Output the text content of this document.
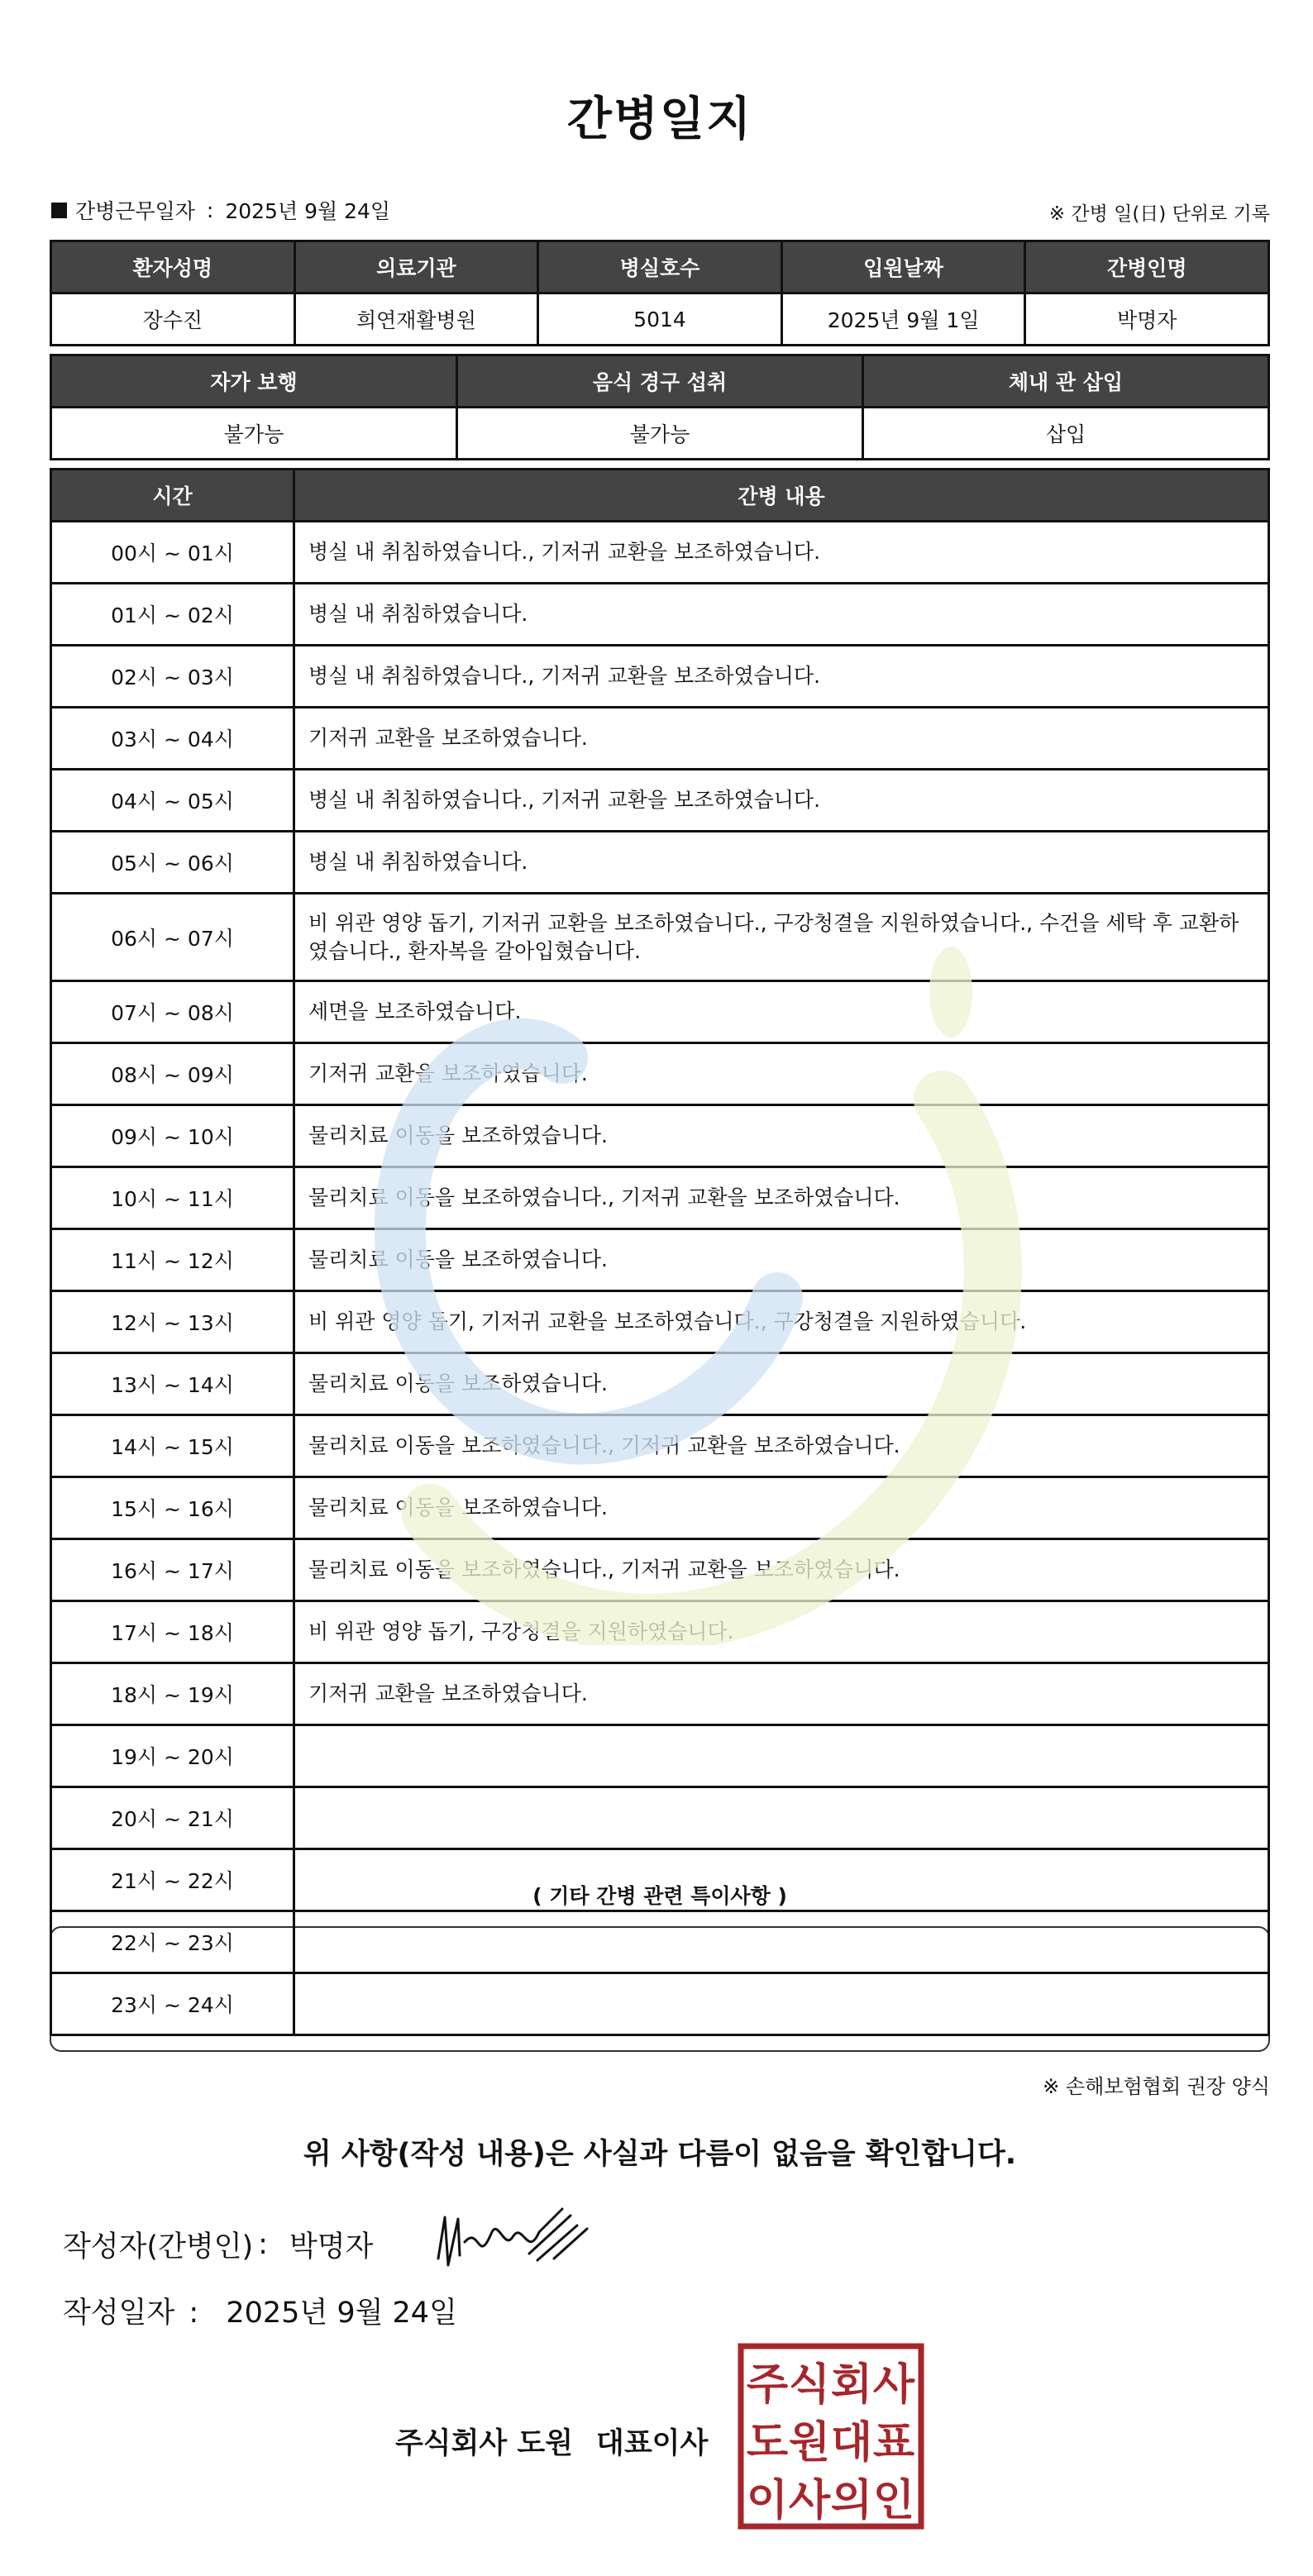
간병일지
간병근무일자 : 2025년 9월 24일	※ 간병 일(日) 단위로 기록
환자성명	의료기관	병실호수	입원날짜	간병인명
장수진	희연재활병원	5014	2025년 9월 1일	박명자
자가 보행	음식 경구 섭취	체내 관 삽입
불가능	불가능	삽입
시간	간병 내용
00시 ~ 01시	병실 내 취침하였습니다., 기저귀 교환을 보조하였습니다.
01시 ~ 02시	병실 내 취침하였습니다.
02시 ~ 03시	병실 내 취침하였습니다., 기저귀 교환을 보조하였습니다.
03시 ~ 04시	기저귀 교환을 보조하였습니다.
04시 ~ 05시	병실 내 취침하였습니다., 기저귀 교환을 보조하였습니다.
05시 ~ 06시	병실 내 취침하였습니다.
06시 ~ 07시	비 위관 영양 돕기, 기저귀 교환을 보조하였습니다., 구강청결을 지원하였습니다., 수건을 세탁 후 교환하였습니다., 환자복을 갈아입혔습니다.
07시 ~ 08시	세면을 보조하였습니다.
08시 ~ 09시	기저귀 교환을 보조하였습니다.
09시 ~ 10시	물리치료 이동을 보조하였습니다.
10시 ~ 11시	물리치료 이동을 보조하였습니다., 기저귀 교환을 보조하였습니다.
11시 ~ 12시	물리치료 이동을 보조하였습니다.
12시 ~ 13시	비 위관 영양 돕기, 기저귀 교환을 보조하였습니다., 구강청결을 지원하였습니다.
13시 ~ 14시	물리치료 이동을 보조하였습니다.
14시 ~ 15시	물리치료 이동을 보조하였습니다., 기저귀 교환을 보조하였습니다.
15시 ~ 16시	물리치료 이동을 보조하였습니다.
16시 ~ 17시	물리치료 이동을 보조하였습니다., 기저귀 교환을 보조하였습니다.
17시 ~ 18시	비 위관 영양 돕기, 구강청결을 지원하였습니다.
18시 ~ 19시	기저귀 교환을 보조하였습니다.
19시 ~ 20시	
20시 ~ 21시	
21시 ~ 22시	
22시 ~ 23시	
23시 ~ 24시	
( 기타 간병 관련 특이사항 )
※ 손해보험협회 권장 양식
위 사항(작성 내용)은 사실과 다름이 없음을 확인합니다.
작성자(간병인) : 박명자
작성일자 : 2025년 9월 24일
주식회사 도원 대표이사
주 식 회 사
도 원 대 표
이 사 의 인
